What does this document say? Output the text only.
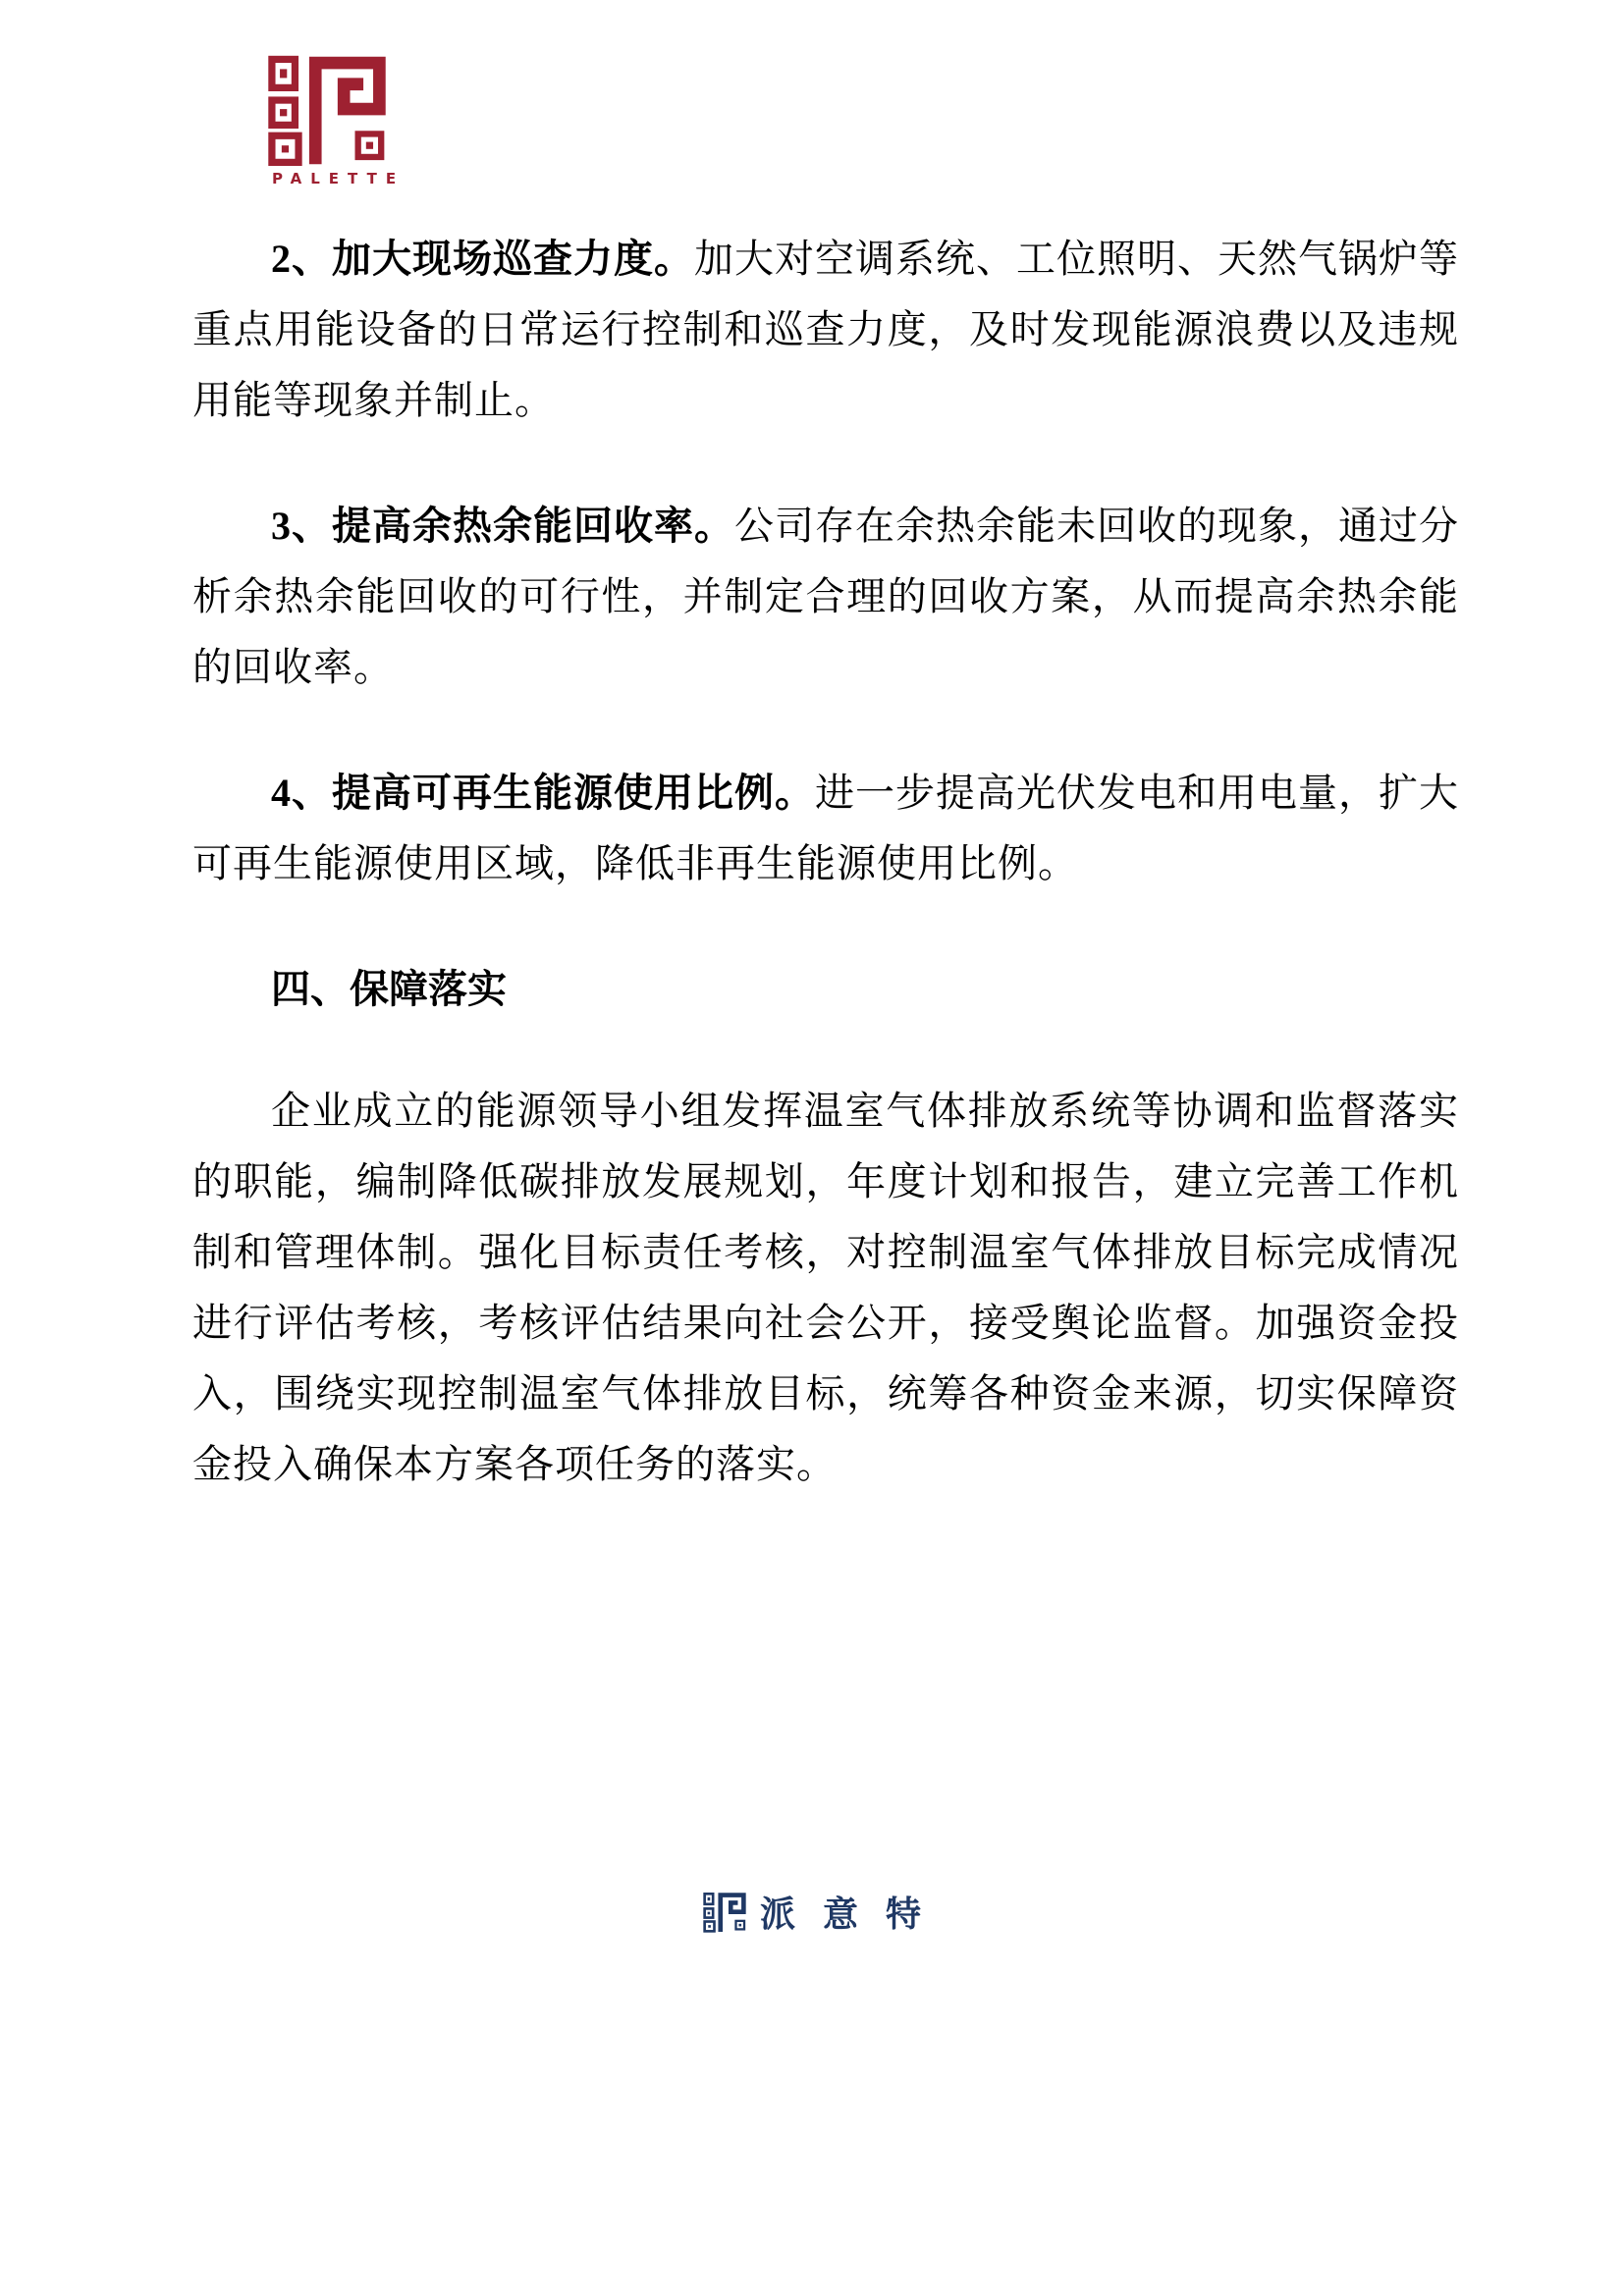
PALETTE

2、加大现场巡查力度。加大对空调系统、工位照明、天然气锅炉等重点用能设备的日常运行控制和巡查力度，及时发现能源浪费以及违规用能等现象并制止。

3、提高余热余能回收率。公司存在余热余能未回收的现象，通过分析余热余能回收的可行性，并制定合理的回收方案，从而提高余热余能的回收率。

4、提高可再生能源使用比例。进一步提高光伏发电和用电量，扩大可再生能源使用区域，降低非再生能源使用比例。

四、保障落实

企业成立的能源领导小组发挥温室气体排放系统等协调和监督落实的职能，编制降低碳排放发展规划，年度计划和报告，建立完善工作机制和管理体制。强化目标责任考核，对控制温室气体排放目标完成情况进行评估考核，考核评估结果向社会公开，接受舆论监督。加强资金投入，围绕实现控制温室气体排放目标，统筹各种资金来源，切实保障资金投入确保本方案各项任务的落实。

派意特
